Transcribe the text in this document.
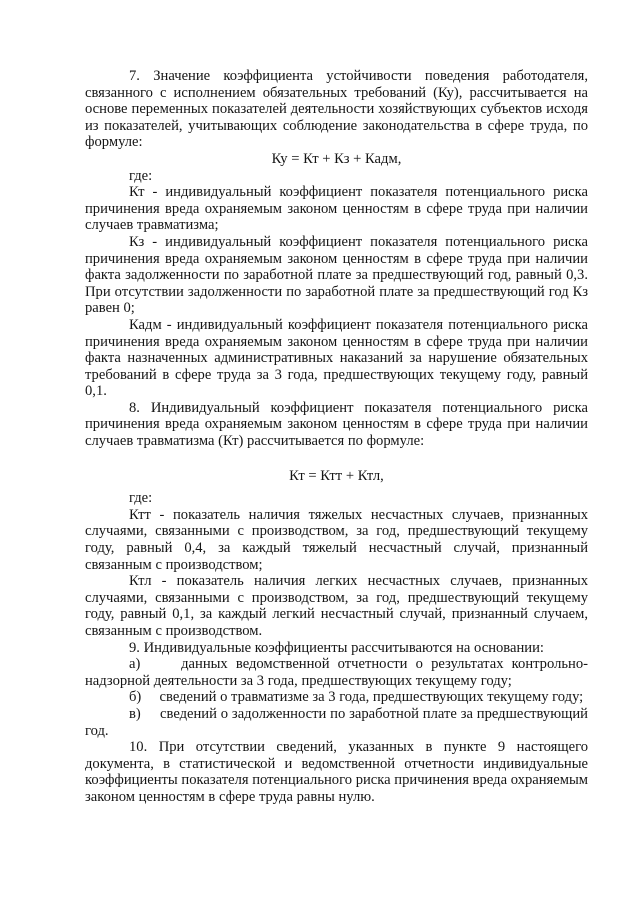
7. Значение коэффициента устойчивости поведения работодателя, связанного с исполнением обязательных требований (Ку), рассчитывается на основе переменных показателей деятельности хозяйствующих субъектов исходя из показателей, учитывающих соблюдение законодательства в сфере труда, по формуле:

Ку = Кт + Кз + Кадм,

где:

Кт - индивидуальный коэффициент показателя потенциального риска причинения вреда охраняемым законом ценностям в сфере труда при наличии случаев травматизма;

Кз - индивидуальный коэффициент показателя потенциального риска причинения вреда охраняемым законом ценностям в сфере труда при наличии факта задолженности по заработной плате за предшествующий год, равный 0,3. При отсутствии задолженности по заработной плате за предшествующий год Кз равен 0;

Кадм - индивидуальный коэффициент показателя потенциального риска причинения вреда охраняемым законом ценностям в сфере труда при наличии факта назначенных административных наказаний за нарушение обязательных требований в сфере труда за 3 года, предшествующих текущему году, равный 0,1.

8. Индивидуальный коэффициент показателя потенциального риска причинения вреда охраняемым законом ценностям в сфере труда при наличии случаев травматизма (Кт) рассчитывается по формуле:

Кт = Ктт + Ктл,

где:

Ктт - показатель наличия тяжелых несчастных случаев, признанных случаями, связанными с производством, за год, предшествующий текущему году, равный 0,4, за каждый тяжелый несчастный случай, признанный связанным с производством;

Ктл - показатель наличия легких несчастных случаев, признанных случаями, связанными с производством, за год, предшествующий текущему году, равный 0,1, за каждый легкий несчастный случай, признанный случаем, связанным с производством.

9. Индивидуальные коэффициенты рассчитываются на основании:

а)	данных ведомственной отчетности о результатах контрольно-надзорной деятельности за 3 года, предшествующих текущему году;

б) сведений о травматизме за 3 года, предшествующих текущему году;

в) сведений о задолженности по заработной плате за предшествующий год.

10. При отсутствии сведений, указанных в пункте 9 настоящего документа, в статистической и ведомственной отчетности индивидуальные коэффициенты показателя потенциального риска причинения вреда охраняемым законом ценностям в сфере труда равны нулю.
